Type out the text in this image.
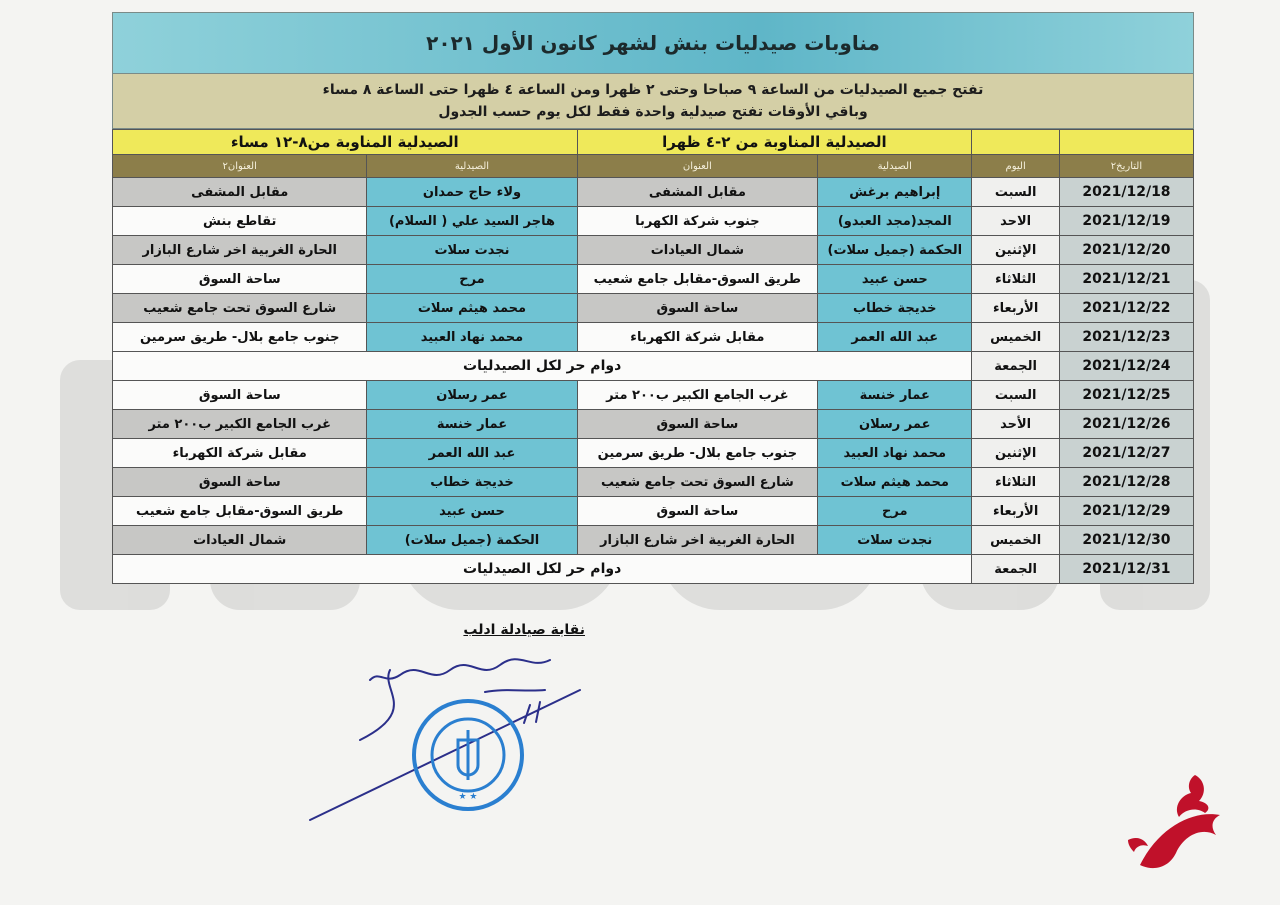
مناوبات صيدليات بنش لشهر كانون الأول ٢٠٢١
تفتح جميع الصيدليات من الساعة ٩ صباحا وحتى ٢ ظهرا ومن الساعة ٤ ظهرا حتى الساعة ٨ مساء
وباقي الأوقات تفتح صيدلية واحدة فقط لكل يوم حسب الجدول
		الصيدلية المناوبة من ٢-٤ ظهرا		الصيدلية المناوبة من٨-١٢ مساء	
التاريخ٢	اليوم	الصيدلية	العنوان	الصيدلية	العنوان٢
2021/12/18	السبت	إبراهيم برغش	مقابل المشفى	ولاء حاج حمدان	مقابل المشفى
2021/12/19	الاحد	المجد(مجد العبدو)	جنوب شركة الكهربا	هاجر السيد علي ( السلام)	تقاطع بنش
2021/12/20	الإثنين	الحكمة (جميل سلات)	شمال العيادات	نجدت سلات	الحارة الغربية اخر شارع البازار
2021/12/21	الثلاثاء	حسن عبيد	طريق السوق-مقابل جامع شعيب	مرح	ساحة السوق
2021/12/22	الأربعاء	خديجة خطاب	ساحة السوق	محمد هيثم سلات	شارع السوق تحت جامع شعيب
2021/12/23	الخميس	عبد الله العمر	مقابل شركة الكهرباء	محمد نهاد العبيد	جنوب جامع بلال- طريق سرمين
2021/12/24	الجمعة	دوام حر لكل الصيدليات			
2021/12/25	السبت	عمار خنسة	غرب الجامع الكبير ب٢٠٠ متر	عمر رسلان	ساحة السوق
2021/12/26	الأحد	عمر رسلان	ساحة السوق	عمار خنسة	غرب الجامع الكبير ب٢٠٠ متر
2021/12/27	الإثنين	محمد نهاد العبيد	جنوب جامع بلال- طريق سرمين	عبد الله العمر	مقابل شركة الكهرباء
2021/12/28	الثلاثاء	محمد هيثم سلات	شارع السوق تحت جامع شعيب	خديجة خطاب	ساحة السوق
2021/12/29	الأربعاء	مرح	ساحة السوق	حسن عبيد	طريق السوق-مقابل جامع شعيب
2021/12/30	الخميس	نجدت سلات	الحارة الغربية اخر شارع البازار	الحكمة (جميل سلات)	شمال العيادات
2021/12/31	الجمعة	دوام حر لكل الصيدليات			
نقابة صيادلة ادلب
★ ★
